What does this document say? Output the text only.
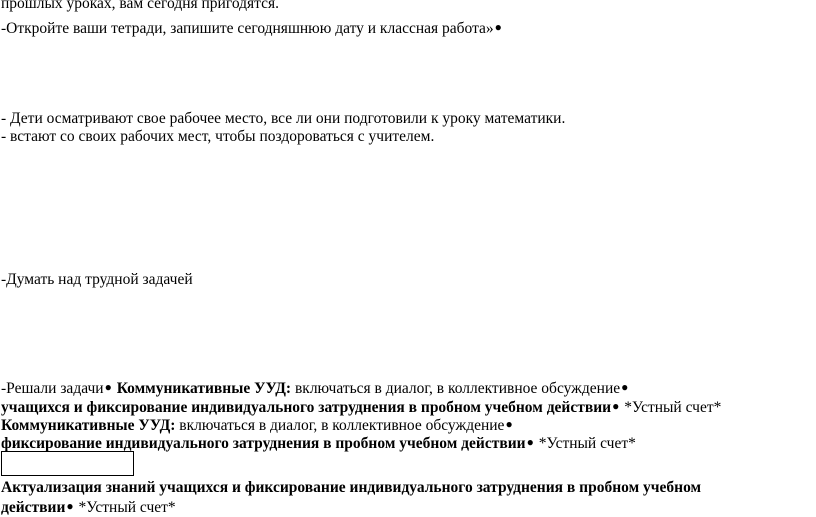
прошлых уроках, вам сегодня пригодятся.
-Откройте ваши тетради, запишите сегодняшнюю дату и классная работа»●
- Дети осматривают свое рабочее место, все ли они подготовили к уроку математики.
- встают со своих рабочих мест, чтобы поздороваться с учителем.
-Думать над трудной задачей
-Решали задачи● Коммуникативные УУД: включаться в диалог, в коллективное обсуждение●
учащихся и фиксирование индивидуального затруднения в пробном учебном действии● *Устный счет*
Коммуникативные УУД: включаться в диалог, в коллективное обсуждение●
фиксирование индивидуального затруднения в пробном учебном действии● *Устный счет*
Актуализация знаний учащихся и фиксирование индивидуального затруднения в пробном учебном
действии● *Устный счет*
